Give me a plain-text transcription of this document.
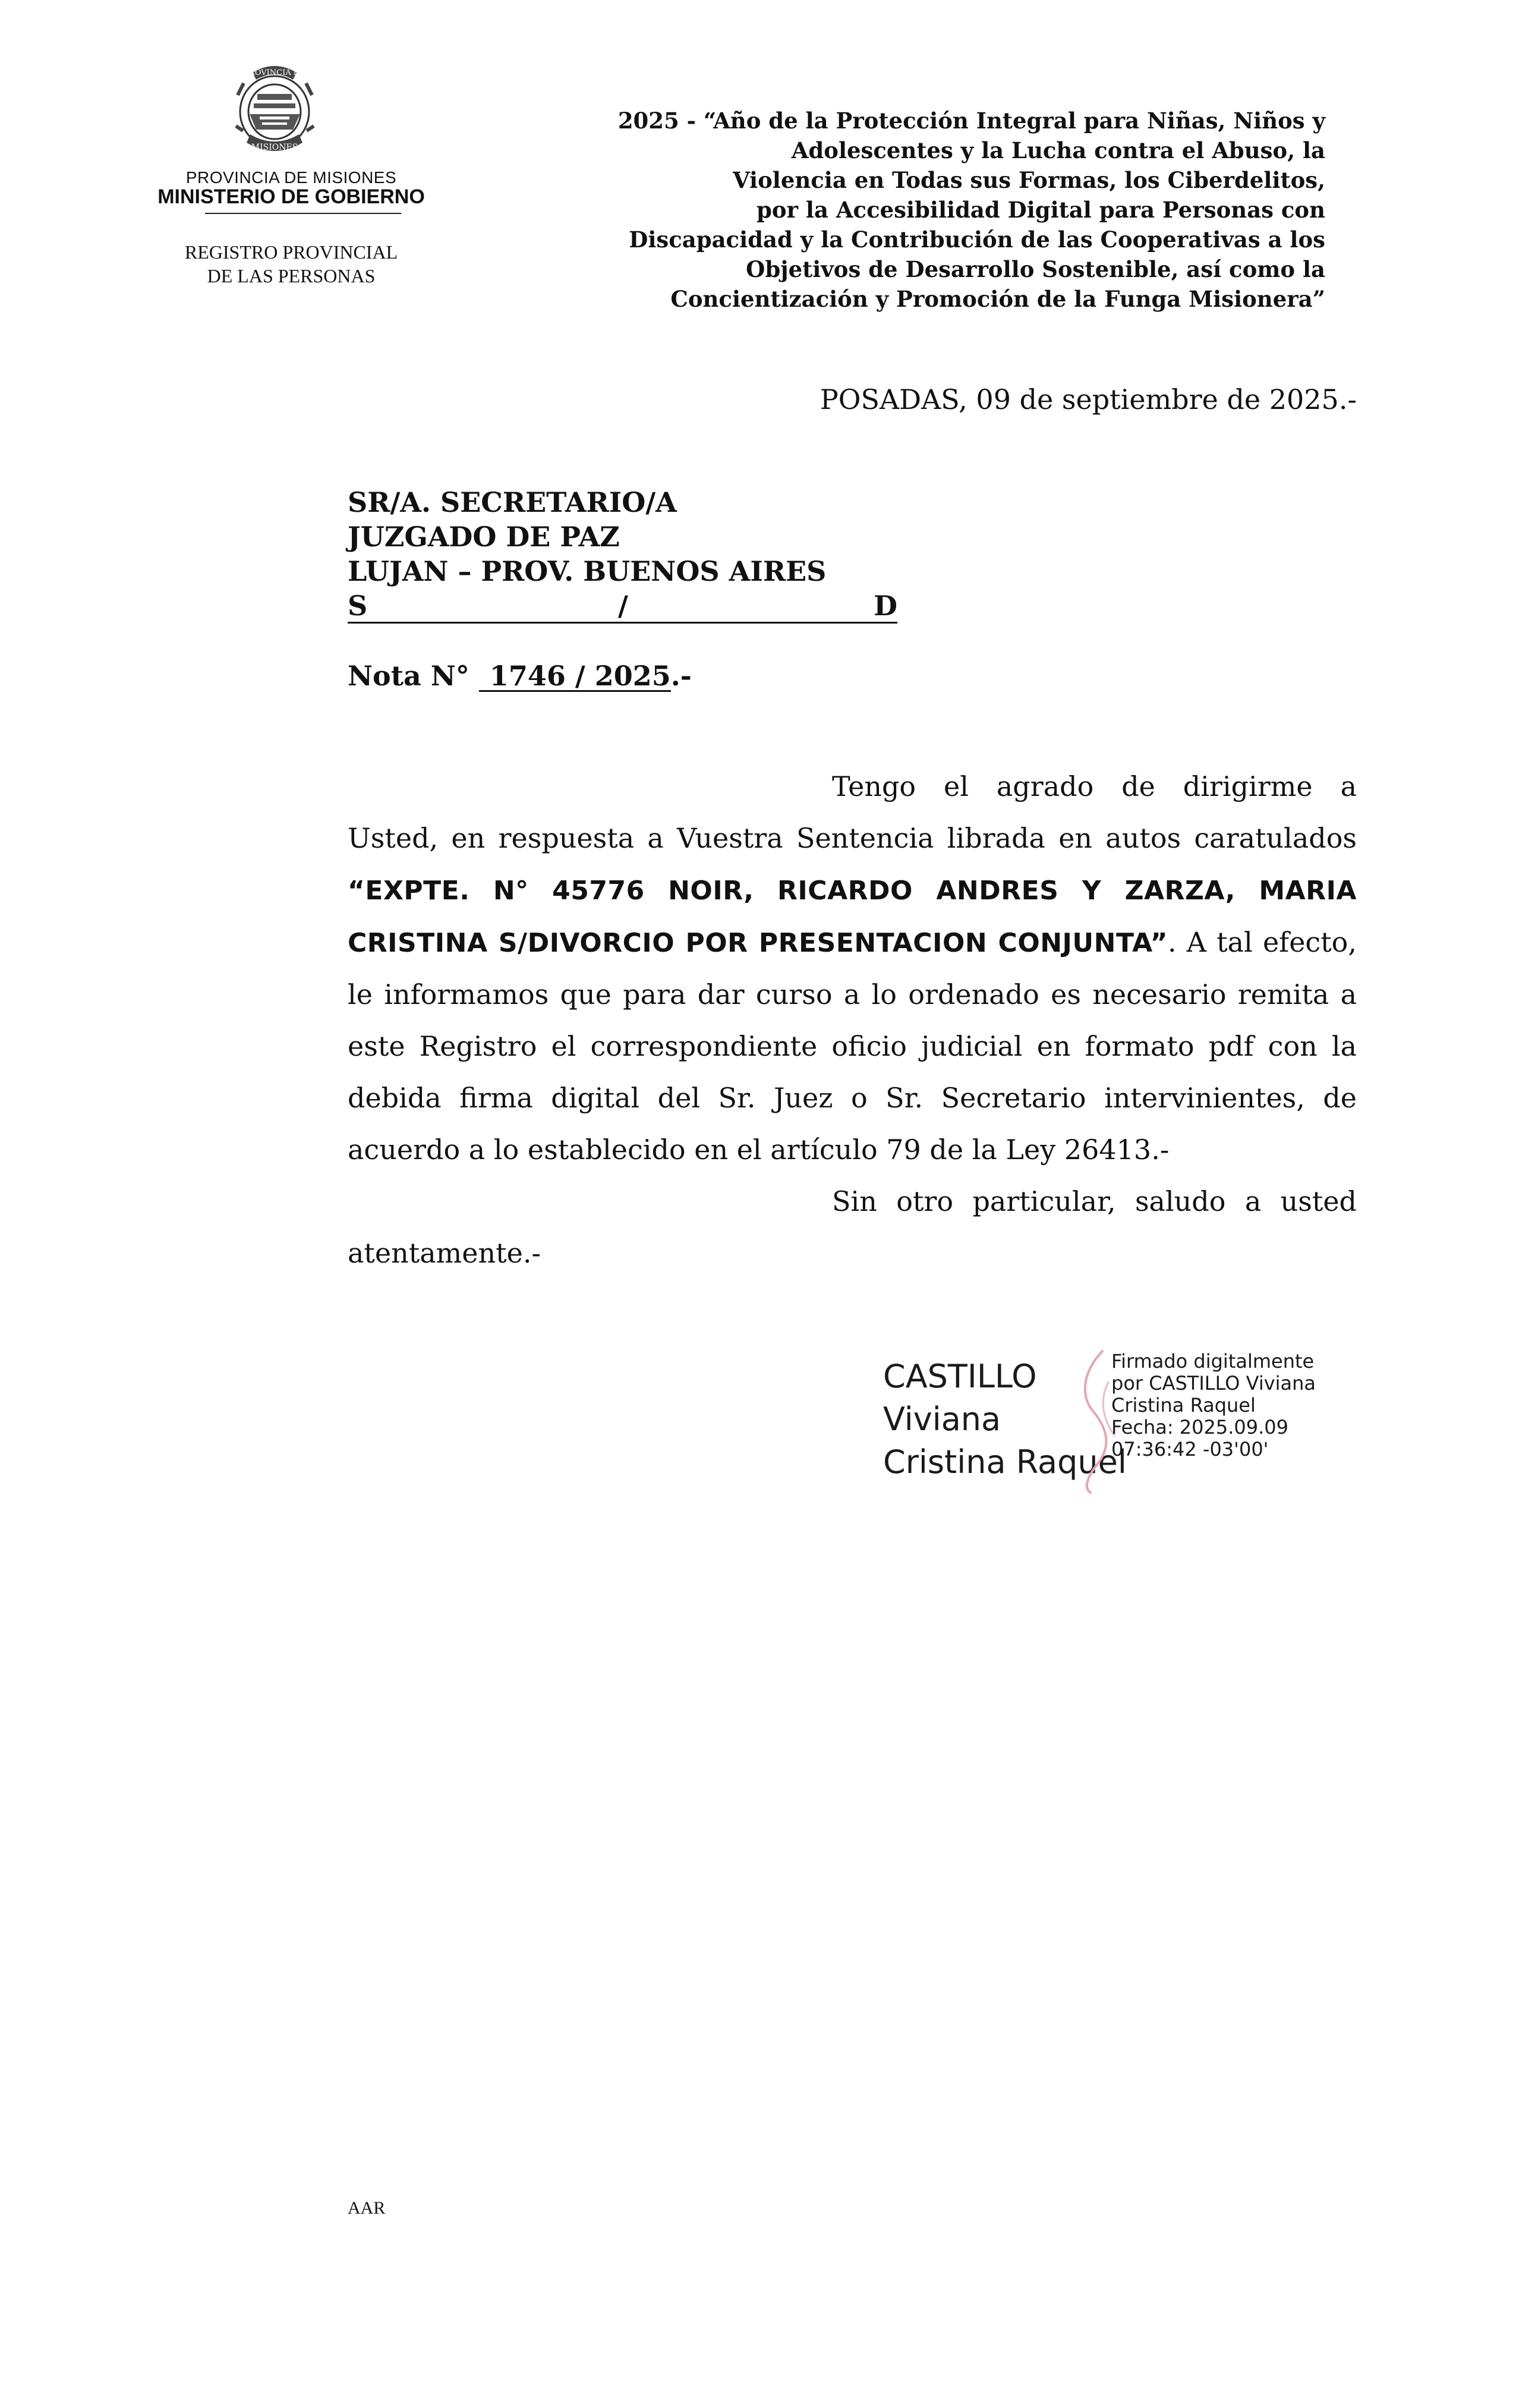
PROVINCIA DE
MISIONES
PROVINCIA DE MISIONES
MINISTERIO DE GOBIERNO
REGISTRO PROVINCIAL
DE LAS PERSONAS
2025 - “Año de la Protección Integral para Niñas, Niños y
Adolescentes y la Lucha contra el Abuso, la
Violencia en Todas sus Formas, los Ciberdelitos,
por la Accesibilidad Digital para Personas con
Discapacidad y la Contribución de las Cooperativas a los
Objetivos de Desarrollo Sostenible, así como la
Concientización y Promoción de la Funga Misionera”
POSADAS, 09 de septiembre de 2025.-
SR/A. SECRETARIO/A
JUZGADO DE PAZ
LUJAN – PROV. BUENOS AIRES
S	/	D
Nota N° 1746 / 2025.-

Tengo el agrado de dirigirme a Usted, en respuesta a Vuestra Sentencia librada en autos caratulados “EXPTE. N° 45776 NOIR, RICARDO ANDRES Y ZARZA, MARIA CRISTINA S/DIVORCIO POR PRESENTACION CONJUNTA”. A tal efecto, le informamos que para dar curso a lo ordenado es necesario remita a este Registro el correspondiente oficio judicial en formato pdf con la debida firma digital del Sr. Juez o Sr. Secretario intervinientes, de acuerdo a lo establecido en el artículo 79 de la Ley 26413.-

Sin otro particular, saludo a usted atentamente.-

CASTILLO
Viviana
Cristina Raquel
Firmado digitalmente
por CASTILLO Viviana
Cristina Raquel
Fecha: 2025.09.09
07:36:42 -03'00'
AAR
